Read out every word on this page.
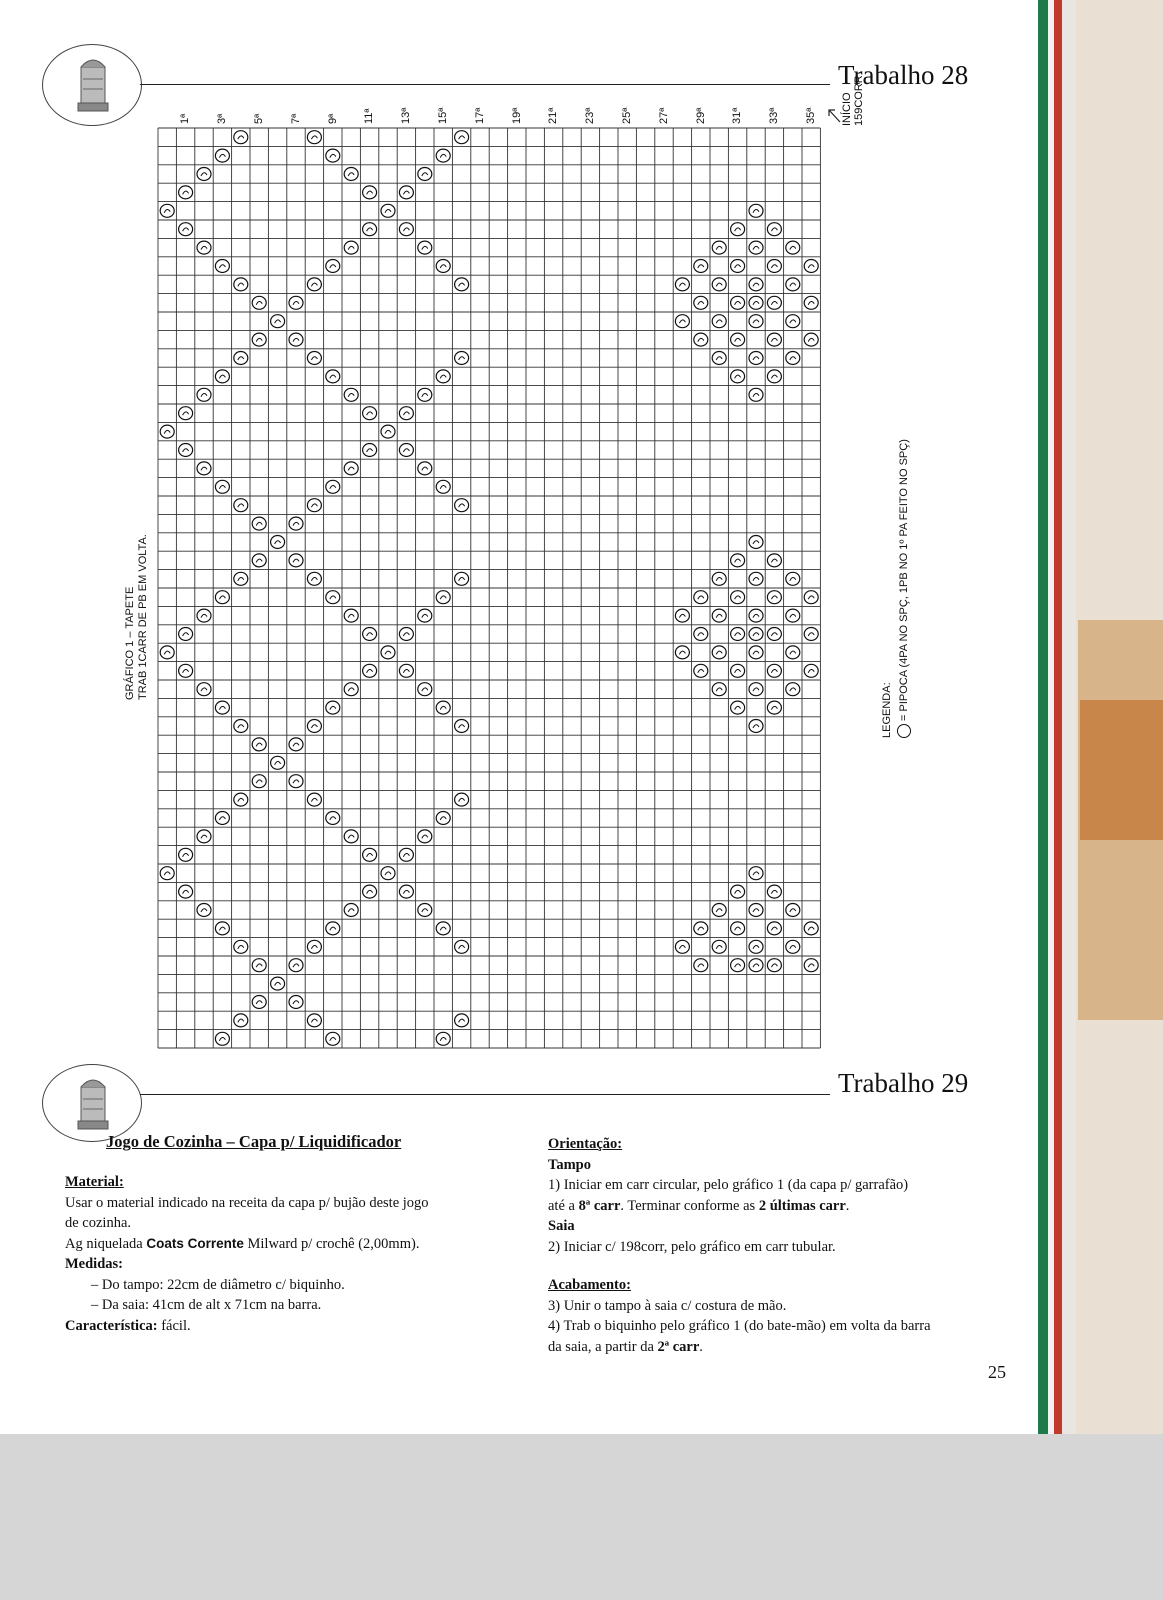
Trabalho 28
35ª
33ª
31ª
29ª
27ª
25ª
23ª
21ª
19ª
17ª
15ª
13ª
11ª
9ª
7ª
5ª
3ª
1ª	INÍCIO 159CORR
GRÁFICO 1 – TAPETE TRAB 1CARR DE PB EM VOLTA.
LEGENDA: = PIPOCA (4PA NO SPÇ, 1PB NO 1º PA FEITO NO SPÇ)
Trabalho 29
Jogo de Cozinha – Capa p/ Liquidificador
Material:
Usar o material indicado na receita da capa p/ bujão deste jogo
de cozinha.
Ag niquelada Coats Corrente Milward p/ crochê (2,00mm).
Medidas:
– Do tampo: 22cm de diâmetro c/ biquinho.
– Da saia: 41cm de alt x 71cm na barra.
Característica: fácil.
Orientação:
Tampo
1) Iniciar em carr circular, pelo gráfico 1 (da capa p/ garrafão)
até a 8ª carr. Terminar conforme as 2 últimas carr.
Saia
2) Iniciar c/ 198corr, pelo gráfico em carr tubular.
Acabamento:
3) Unir o tampo à saia c/ costura de mão.
4) Trab o biquinho pelo gráfico 1 (do bate-mão) em volta da barra
da saia, a partir da 2ª carr.
25
